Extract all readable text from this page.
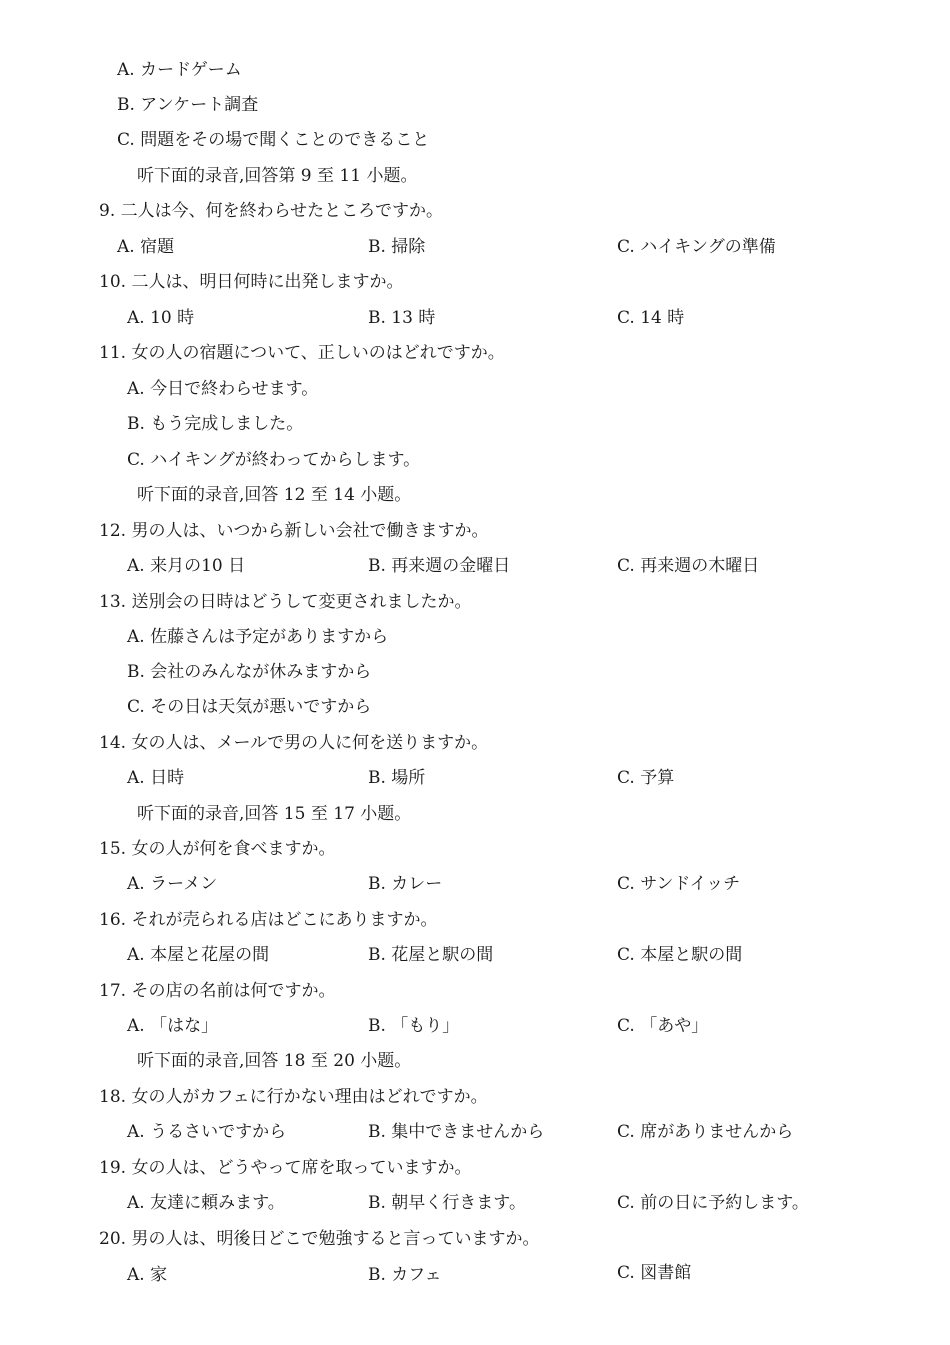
A. カードゲーム
B. アンケート調査
C. 問題をその場で聞くことのできること
听下面的录音,回答第 9 至 11 小题。
9. 二人は今、何を終わらせたところですか。
A. 宿題	B. 掃除	C. ハイキングの準備
10. 二人は、明日何時に出発しますか。
A. 10 時	B. 13 時	C. 14 時
11. 女の人の宿題について、正しいのはどれですか。
A. 今日で終わらせます。
B. もう完成しました。
C. ハイキングが終わってからします。
听下面的录音,回答 12 至 14 小题。
12. 男の人は、いつから新しい会社で働きますか。
A. 来月の10 日	B. 再来週の金曜日	C. 再来週の木曜日
13. 送別会の日時はどうして変更されましたか。
A. 佐藤さんは予定がありますから
B. 会社のみんなが休みますから
C. その日は天気が悪いですから
14. 女の人は、メールで男の人に何を送りますか。
A. 日時	B. 場所	C. 予算
听下面的录音,回答 15 至 17 小题。
15. 女の人が何を食べますか。
A. ラーメン	B. カレー	C. サンドイッチ
16. それが売られる店はどこにありますか。
A. 本屋と花屋の間	B. 花屋と駅の間	C. 本屋と駅の間
17. その店の名前は何ですか。
A. 「はな」	B. 「もり」	C. 「あや」
听下面的录音,回答 18 至 20 小题。
18. 女の人がカフェに行かない理由はどれですか。
A. うるさいですから	B. 集中できませんから	C. 席がありませんから
19. 女の人は、どうやって席を取っていますか。
A. 友達に頼みます。	B. 朝早く行きます。	C. 前の日に予約します。
20. 男の人は、明後日どこで勉強すると言っていますか。
A. 家	B. カフェ	C. 図書館
